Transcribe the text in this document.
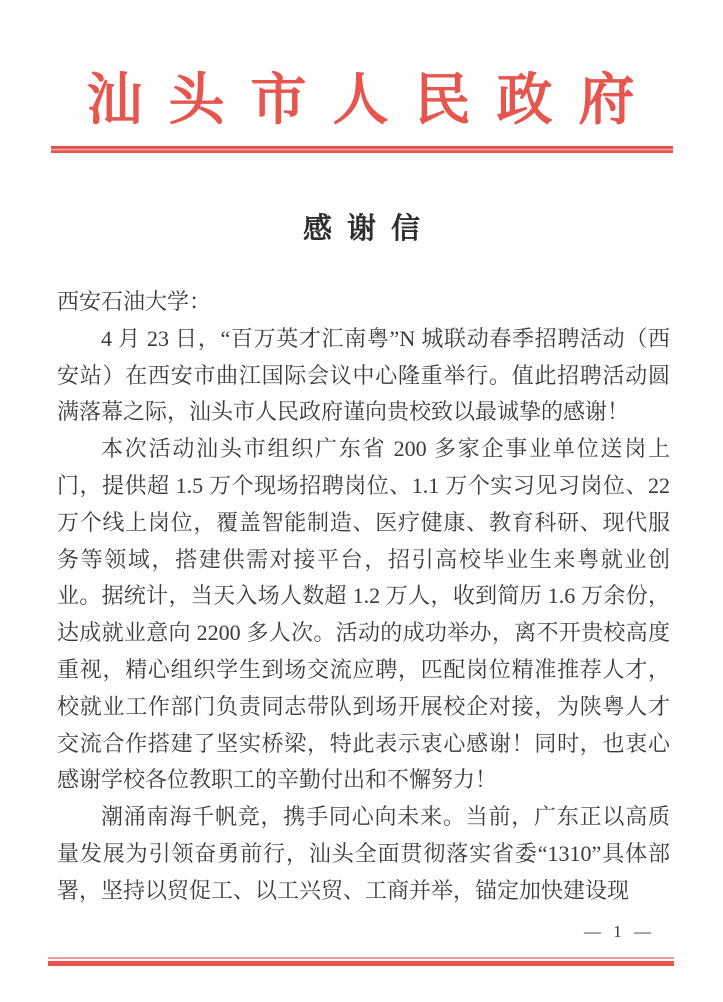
汕头市人民政府
感谢信

西安石油大学：

4 月 23 日，“百万英才汇南粤”N 城联动春季招聘活动（西安站）在西安市曲江国际会议中心隆重举行。值此招聘活动圆满落幕之际，汕头市人民政府谨向贵校致以最诚挚的感谢！

本次活动汕头市组织广东省 200 多家企事业单位送岗上门，提供超 1.5 万个现场招聘岗位、1.1 万个实习见习岗位、22 万个线上岗位，覆盖智能制造、医疗健康、教育科研、现代服务等领域，搭建供需对接平台，招引高校毕业生来粤就业创业。据统计，当天入场人数超 1.2 万人，收到简历 1.6 万余份，达成就业意向 2200 多人次。活动的成功举办，离不开贵校高度重视，精心组织学生到场交流应聘，匹配岗位精准推荐人才，校就业工作部门负责同志带队到场开展校企对接，为陕粤人才交流合作搭建了坚实桥梁，特此表示衷心感谢！同时，也衷心感谢学校各位教职工的辛勤付出和不懈努力！

潮涌南海千帆竞，携手同心向未来。当前，广东正以高质量发展为引领奋勇前行，汕头全面贯彻落实省委“1310”具体部署，坚持以贸促工、以工兴贸、工商并举，锚定加快建设现

— 1 —
